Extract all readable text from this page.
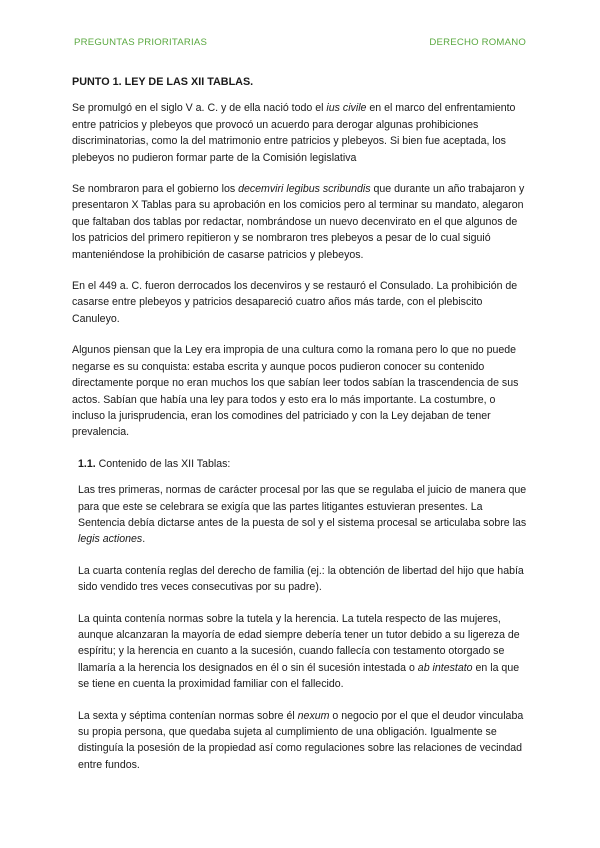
PREGUNTAS PRIORITARIAS	DERECHO ROMANO
PUNTO 1. LEY DE LAS XII TABLAS.

Se promulgó en el siglo V a. C. y de ella nació todo el ius civile en el marco del enfrentamiento entre patricios y plebeyos que provocó un acuerdo para derogar algunas prohibiciones discriminatorias, como la del matrimonio entre patricios y plebeyos. Si bien fue aceptada, los plebeyos no pudieron formar parte de la Comisión legislativa

Se nombraron para el gobierno los decemviri legibus scribundis que durante un año trabajaron y presentaron X Tablas para su aprobación en los comicios pero al terminar su mandato, alegaron que faltaban dos tablas por redactar, nombrándose un nuevo decenvirato en el que algunos de los patricios del primero repitieron y se nombraron tres plebeyos a pesar de lo cual siguió manteniéndose la prohibición de casarse patricios y plebeyos.

En el 449 a. C. fueron derrocados los decenviros y se restauró el Consulado. La prohibición de casarse entre plebeyos y patricios desapareció cuatro años más tarde, con el plebiscito Canuleyo.

Algunos piensan que la Ley era impropia de una cultura como la romana pero lo que no puede negarse es su conquista: estaba escrita y aunque pocos pudieron conocer su contenido directamente porque no eran muchos los que sabían leer todos sabían la trascendencia de sus actos. Sabían que había una ley para todos y esto era lo más importante. La costumbre, o incluso la jurisprudencia, eran los comodines del patriciado y con la Ley dejaban de tener prevalencia.

1.1. Contenido de las XII Tablas:

Las tres primeras, normas de carácter procesal por las que se regulaba el juicio de manera que para que este se celebrara se exigía que las partes litigantes estuvieran presentes. La Sentencia debía dictarse antes de la puesta de sol y el sistema procesal se articulaba sobre las legis actiones.

La cuarta contenía reglas del derecho de familia (ej.: la obtención de libertad del hijo que había sido vendido tres veces consecutivas por su padre).

La quinta contenía normas sobre la tutela y la herencia. La tutela respecto de las mujeres, aunque alcanzaran la mayoría de edad siempre debería tener un tutor debido a su ligereza de espíritu; y la herencia en cuanto a la sucesión, cuando fallecía con testamento otorgado se llamaría a la herencia los designados en él o sin él sucesión intestada o ab intestato en la que se tiene en cuenta la proximidad familiar con el fallecido.

La sexta y séptima contenían normas sobre él nexum o negocio por el que el deudor vinculaba su propia persona, que quedaba sujeta al cumplimiento de una obligación. Igualmente se distinguía la posesión de la propiedad así como regulaciones sobre las relaciones de vecindad entre fundos.
